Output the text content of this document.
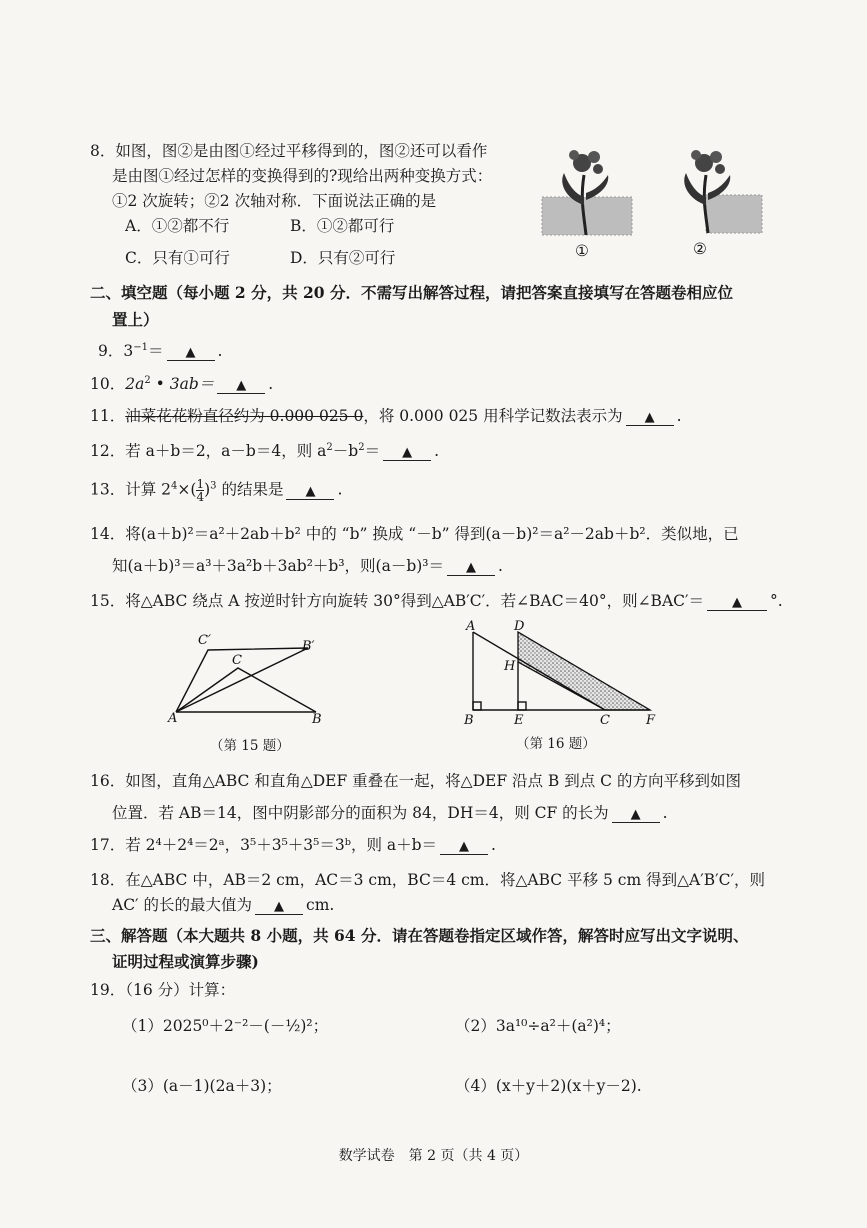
8．如图，图②是由图①经过平移得到的，图②还可以看作
是由图①经过怎样的变换得到的?现给出两种变换方式：
①2 次旋转；②2 次轴对称．下面说法正确的是
A．①②都不行	B．①②都可行
C．只有①可行	D．只有②可行	①	②
二、填空题（每小题 2 分，共 20 分．不需写出解答过程，请把答案直接填写在答题卷相应位
置上）
9．$3^{-1}=$ ▲ .
10．$2a^2$ • 3ab＝ ▲ .
11．油菜花花粉直径约为 0.000 025 0，将 0.000 025 用科学记数法表示为 ▲ .
12．若 a＋b＝2，a－b＝4，则 $a^2-b^2=$ ▲ .
13．计算 $2^4\times( \frac{1}{4} )^3$ 的结果是 ▲ .
14．将(a＋b)²＝a²＋2ab＋b² 中的 “b” 换成 “－b” 得到(a－b)²＝a²－2ab＋b²．类似地，已
知(a＋b)³＝a³＋3a²b＋3ab²＋b³，则(a－b)³＝ ▲ .
15．将△ABC 绕点 A 按逆时针方向旋转 30°得到△AB′C′．若∠BAC＝40°，则∠BAC′＝ ▲ °.
A	B
C
C′	B′
（第 15 题）
A	D
H
B	E	C	F
（第 16 题）
16．如图，直角△ABC 和直角△DEF 重叠在一起，将△DEF 沿点 B 到点 C 的方向平移到如图
位置．若 AB＝14，图中阴影部分的面积为 84，DH＝4，则 CF 的长为 ▲ .
17．若 2⁴＋2⁴＝2ᵃ，3⁵＋3⁵＋3⁵＝3ᵇ，则 a＋b＝ ▲ .
18．在△ABC 中，AB＝2 cm，AC＝3 cm，BC＝4 cm．将△ABC 平移 5 cm 得到△A′B′C′，则
AC′ 的长的最大值为 ▲ cm.
三、解答题（本大题共 8 小题，共 64 分．请在答题卷指定区域作答，解答时应写出文字说明、
证明过程或演算步骤)
19．（16 分）计算：
（1）2025⁰＋2⁻²－(－½)²；	（2）3a¹⁰÷a²＋(a²)⁴；
（3）(a－1)(2a＋3)；	（4）(x＋y＋2)(x＋y－2).
数学试卷　第 2 页（共 4 页）
